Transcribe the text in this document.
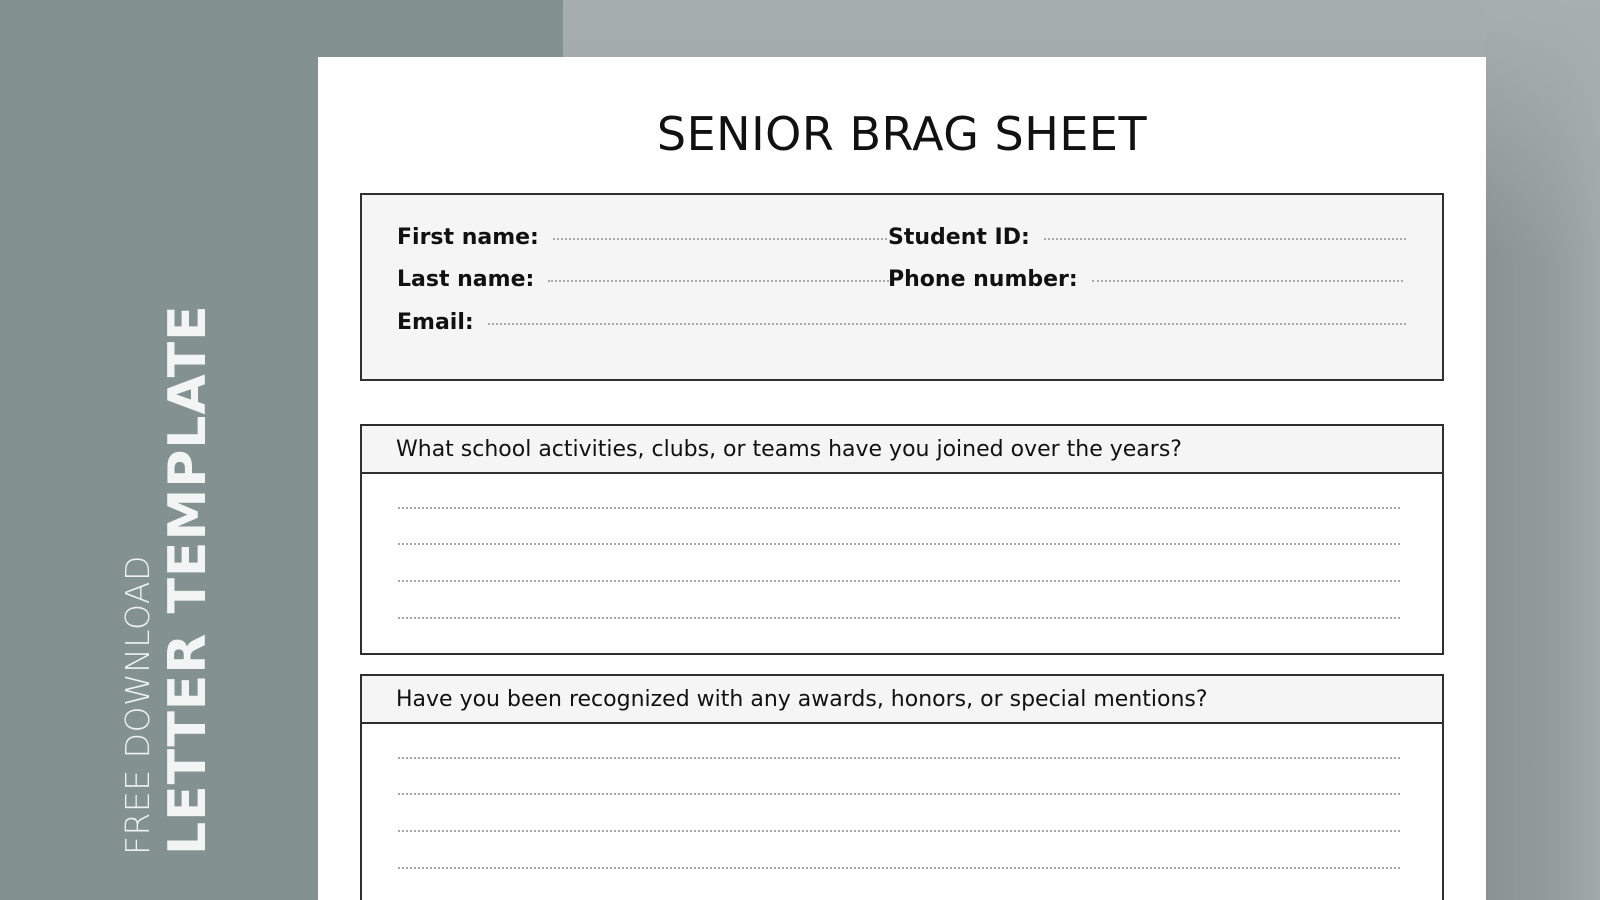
FREE DOWNLOAD LETTER TEMPLATE
SENIOR BRAG SHEET
First name:	Student ID:
Last name:	Phone number:
Email:
What school activities, clubs, or teams have you joined over the years?
Have you been recognized with any awards, honors, or special mentions?
